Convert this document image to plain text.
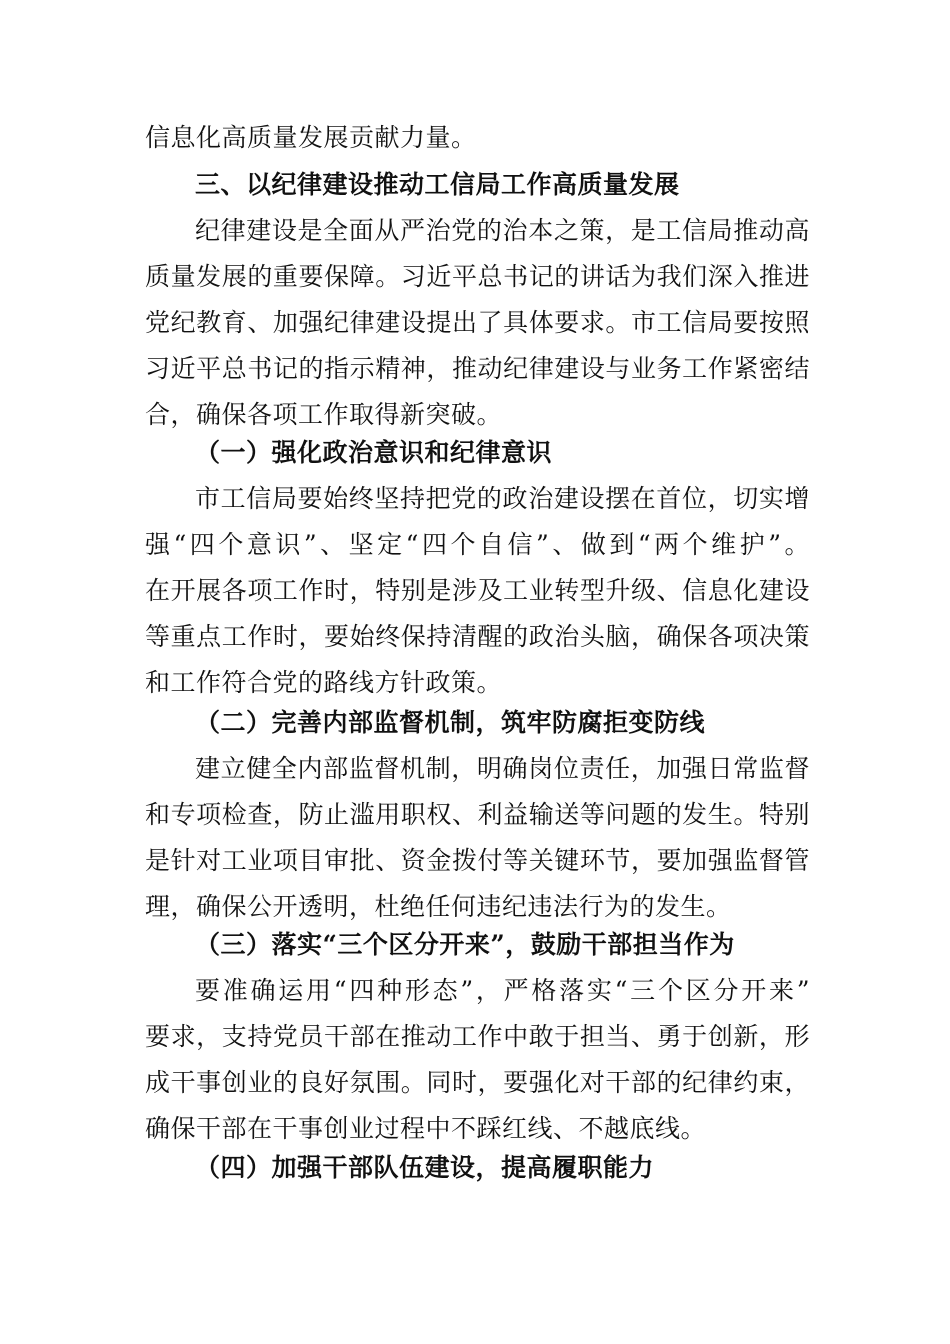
信息化高质量发展贡献力量。
三、以纪律建设推动工信局工作高质量发展
纪律建设是全面从严治党的治本之策，是工信局推动高
质量发展的重要保障。习近平总书记的讲话为我们深入推进
党纪教育、加强纪律建设提出了具体要求。市工信局要按照
习近平总书记的指示精神，推动纪律建设与业务工作紧密结
合，确保各项工作取得新突破。
（一）强化政治意识和纪律意识
市工信局要始终坚持把党的政治建设摆在首位，切实增
强“四个意识”、坚定“四个自信”、做到“两个维护”。
在开展各项工作时，特别是涉及工业转型升级、信息化建设
等重点工作时，要始终保持清醒的政治头脑，确保各项决策
和工作符合党的路线方针政策。
（二）完善内部监督机制，筑牢防腐拒变防线
建立健全内部监督机制，明确岗位责任，加强日常监督
和专项检查，防止滥用职权、利益输送等问题的发生。特别
是针对工业项目审批、资金拨付等关键环节，要加强监督管
理，确保公开透明，杜绝任何违纪违法行为的发生。
（三）落实“三个区分开来”，鼓励干部担当作为
要准确运用“四种形态”，严格落实“三个区分开来”
要求，支持党员干部在推动工作中敢于担当、勇于创新，形
成干事创业的良好氛围。同时，要强化对干部的纪律约束，
确保干部在干事创业过程中不踩红线、不越底线。
（四）加强干部队伍建设，提高履职能力
